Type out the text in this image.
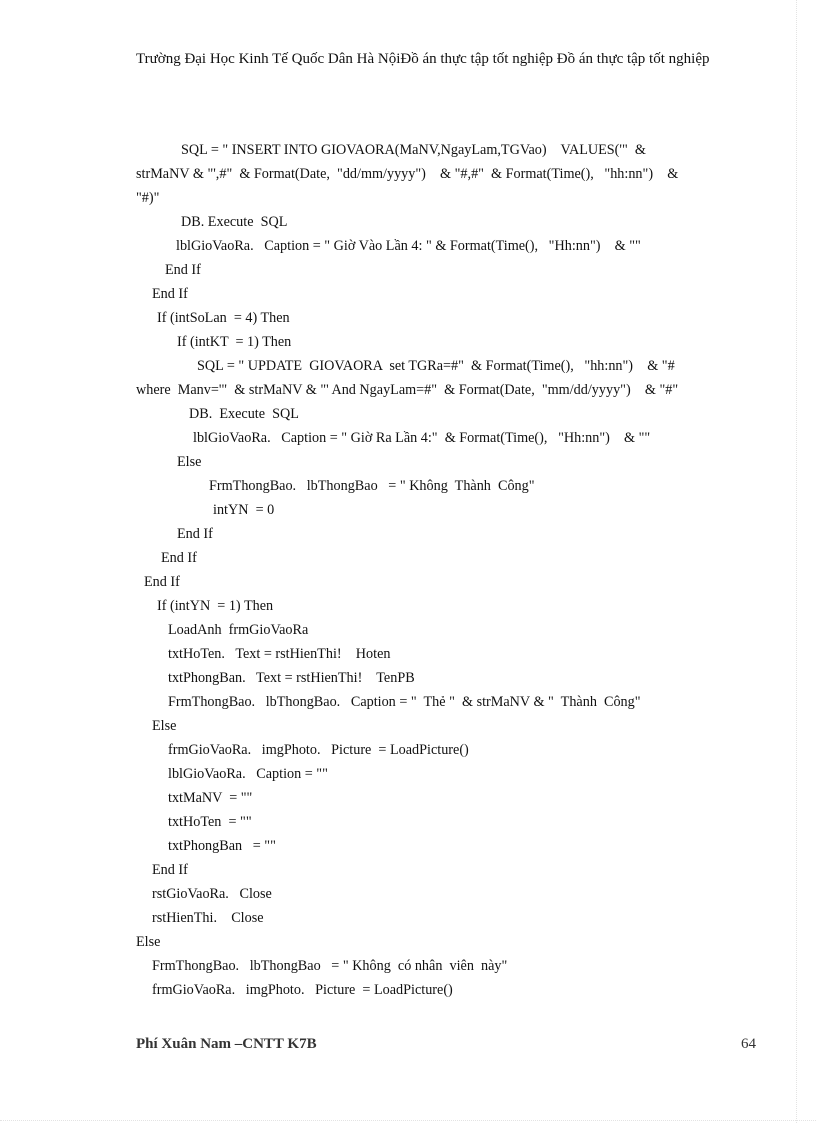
Trường Đại Học Kinh Tế Quốc Dân Hà NộiĐồ án thực tập tốt nghiệp Đồ án thực tập tốt nghiệp
SQL = " INSERT INTO GIOVAORA(MaNV,NgayLam,TGVao)    VALUES('"  &
strMaNV & "',#"  & Format(Date,  "dd/mm/yyyy")    & "#,#"  & Format(Time(),   "hh:nn")    &
"#)"
DB. Execute  SQL
lblGioVaoRa.   Caption = " Giờ Vào Lần 4: " & Format(Time(),   "Hh:nn")    & ""
End If
End If
If (intSoLan  = 4) Then
If (intKT  = 1) Then
SQL = " UPDATE  GIOVAORA  set TGRa=#"  & Format(Time(),   "hh:nn")    & "#
where  Manv='"  & strMaNV & "' And NgayLam=#"  & Format(Date,  "mm/dd/yyyy")    & "#"
DB.  Execute  SQL
lblGioVaoRa.   Caption = " Giờ Ra Lần 4:"  & Format(Time(),   "Hh:nn")    & ""
Else
FrmThongBao.   lbThongBao   = " Không  Thành  Công"
intYN  = 0
End If
End If
End If
If (intYN  = 1) Then
LoadAnh  frmGioVaoRa
txtHoTen.   Text = rstHienThi!    Hoten
txtPhongBan.   Text = rstHienThi!    TenPB
FrmThongBao.   lbThongBao.   Caption = "  Thẻ "  & strMaNV & "  Thành  Công"
Else
frmGioVaoRa.   imgPhoto.   Picture  = LoadPicture()
lblGioVaoRa.   Caption = ""
txtMaNV  = ""
txtHoTen  = ""
txtPhongBan   = ""
End If
rstGioVaoRa.   Close
rstHienThi.    Close
Else
FrmThongBao.   lbThongBao   = " Không  có nhân  viên  này"
frmGioVaoRa.   imgPhoto.   Picture  = LoadPicture()
Phí Xuân Nam –CNTT K7B	64
